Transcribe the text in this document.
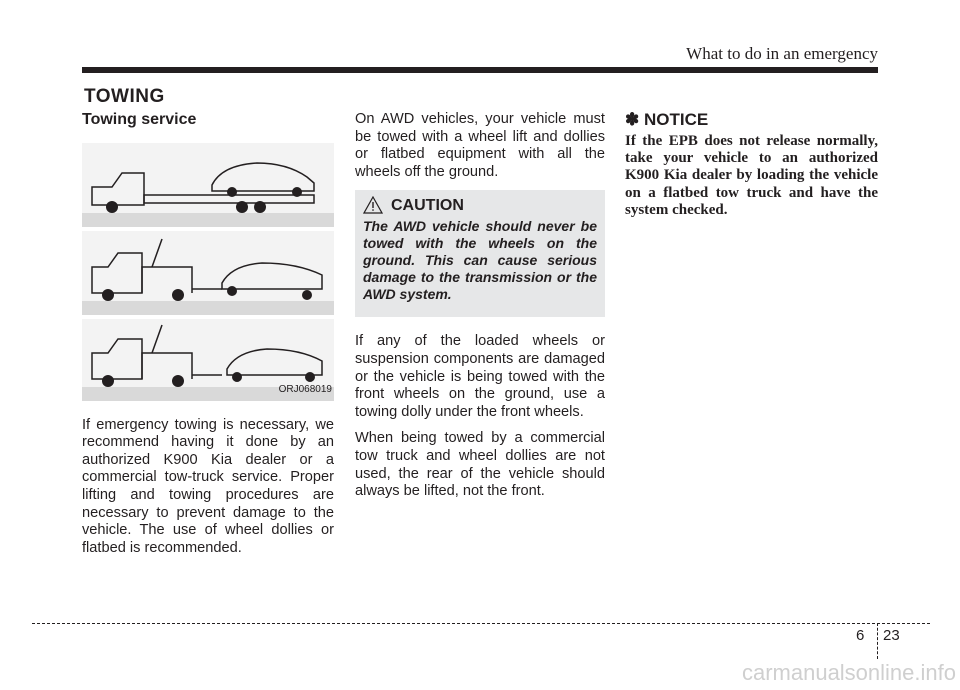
What to do in an emergency
TOWING
Towing service
ORJ068019

If emergency towing is necessary, we recommend having it done by an authorized K900 Kia dealer or a commercial tow-truck service. Proper lifting and towing procedures are necessary to prevent damage to the vehicle. The use of wheel dollies or flatbed is recommended.

On AWD vehicles, your vehicle must be towed with a wheel lift and dollies or flatbed equipment with all the wheels off the ground.

CAUTION
The AWD vehicle should never be towed with the wheels on the ground. This can cause serious damage to the transmission or the AWD system.

If any of the loaded wheels or suspension components are damaged or the vehicle is being towed with the front wheels on the ground, use a towing dolly under the front wheels.

When being towed by a commercial tow truck and wheel dollies are not used, the rear of the vehicle should always be lifted, not the front.

✽ NOTICE
If the EPB does not release normally, take your vehicle to an authorized K900 Kia dealer by loading the vehicle on a flatbed tow truck and have the system checked.
6 23
carmanualsonline.info
